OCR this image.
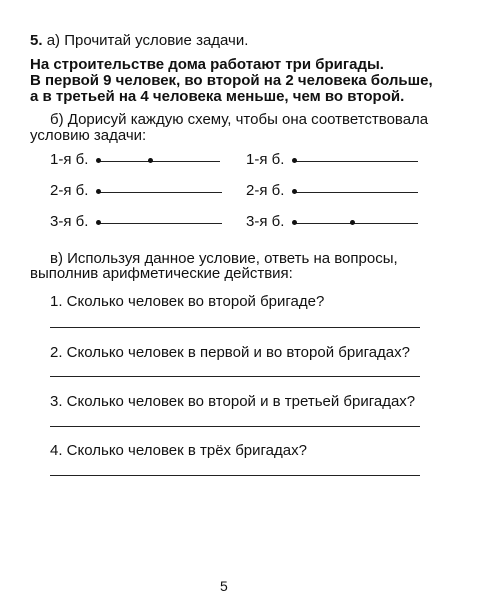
5. а) Прочитай условие задачи.
На строительстве дома работают три бригады.
В первой 9 человек, во второй на 2 человека больше,
а в третьей на 4 человека меньше, чем во второй.
б) Дорисуй каждую схему, чтобы она соответствовала
условию задачи:
1-я б.
2-я б.
3-я б.
1-я б.
2-я б.
3-я б.
в) Используя данное условие, ответь на вопросы,
выполнив арифметические действия:
1. Сколько человек во второй бригаде?
2. Сколько человек в первой и во второй бригадах?
3. Сколько человек во второй и в третьей бригадах?
4. Сколько человек в трёх бригадах?
5
